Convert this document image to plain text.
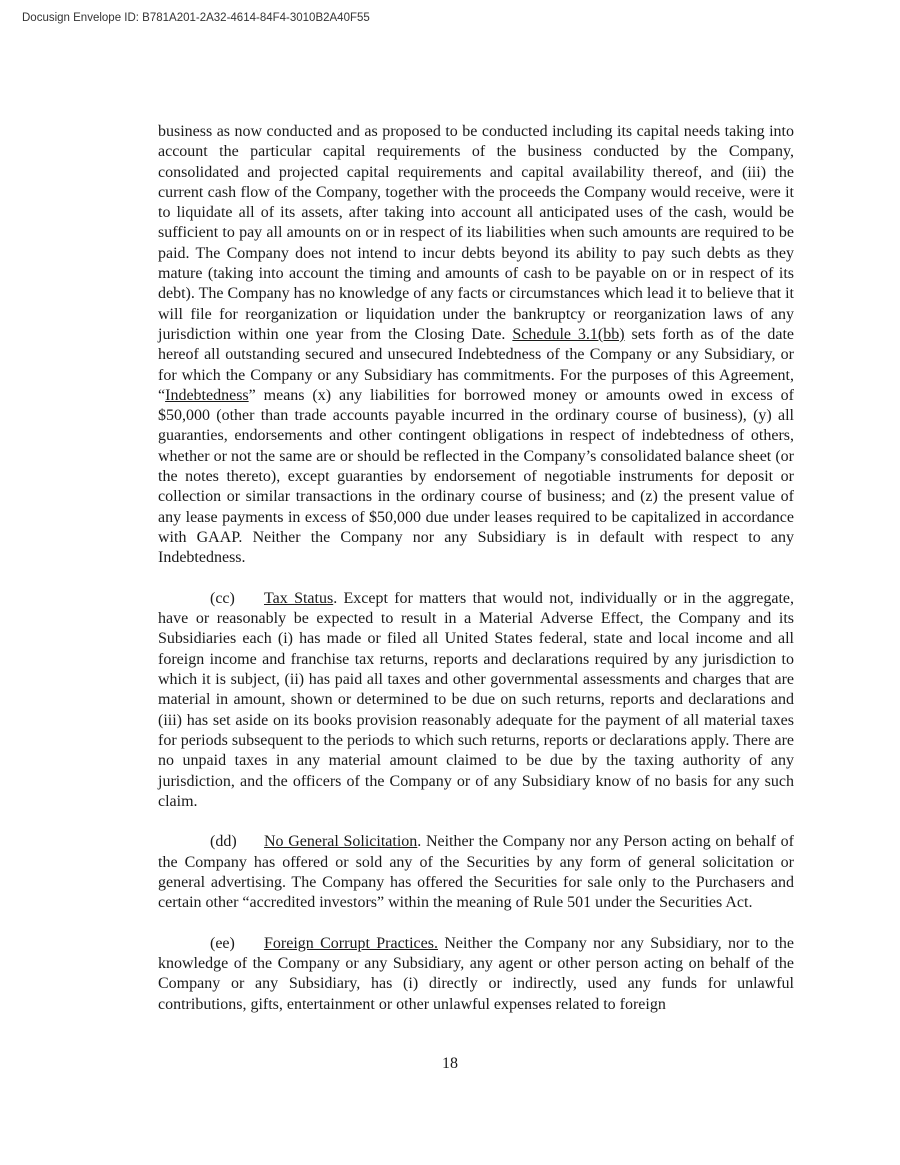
Docusign Envelope ID: B781A201-2A32-4614-84F4-3010B2A40F55

business as now conducted and as proposed to be conducted including its capital needs taking into account the particular capital requirements of the business conducted by the Company, consolidated and projected capital requirements and capital availability thereof, and (iii) the current cash flow of the Company, together with the proceeds the Company would receive, were it to liquidate all of its assets, after taking into account all anticipated uses of the cash, would be sufficient to pay all amounts on or in respect of its liabilities when such amounts are required to be paid. The Company does not intend to incur debts beyond its ability to pay such debts as they mature (taking into account the timing and amounts of cash to be payable on or in respect of its debt). The Company has no knowledge of any facts or circumstances which lead it to believe that it will file for reorganization or liquidation under the bankruptcy or reorganization laws of any jurisdiction within one year from the Closing Date. Schedule 3.1(bb) sets forth as of the date hereof all outstanding secured and unsecured Indebtedness of the Company or any Subsidiary, or for which the Company or any Subsidiary has commitments. For the purposes of this Agreement, “Indebtedness” means (x) any liabilities for borrowed money or amounts owed in excess of $50,000 (other than trade accounts payable incurred in the ordinary course of business), (y) all guaranties, endorsements and other contingent obligations in respect of indebtedness of others, whether or not the same are or should be reflected in the Company’s consolidated balance sheet (or the notes thereto), except guaranties by endorsement of negotiable instruments for deposit or collection or similar transactions in the ordinary course of business; and (z) the present value of any lease payments in excess of $50,000 due under leases required to be capitalized in accordance with GAAP. Neither the Company nor any Subsidiary is in default with respect to any Indebtedness.

(cc) Tax Status. Except for matters that would not, individually or in the aggregate, have or reasonably be expected to result in a Material Adverse Effect, the Company and its Subsidiaries each (i) has made or filed all United States federal, state and local income and all foreign income and franchise tax returns, reports and declarations required by any jurisdiction to which it is subject, (ii) has paid all taxes and other governmental assessments and charges that are material in amount, shown or determined to be due on such returns, reports and declarations and (iii) has set aside on its books provision reasonably adequate for the payment of all material taxes for periods subsequent to the periods to which such returns, reports or declarations apply. There are no unpaid taxes in any material amount claimed to be due by the taxing authority of any jurisdiction, and the officers of the Company or of any Subsidiary know of no basis for any such claim.

(dd) No General Solicitation. Neither the Company nor any Person acting on behalf of the Company has offered or sold any of the Securities by any form of general solicitation or general advertising. The Company has offered the Securities for sale only to the Purchasers and certain other “accredited investors” within the meaning of Rule 501 under the Securities Act.

(ee) Foreign Corrupt Practices. Neither the Company nor any Subsidiary, nor to the knowledge of the Company or any Subsidiary, any agent or other person acting on behalf of the Company or any Subsidiary, has (i) directly or indirectly, used any funds for unlawful contributions, gifts, entertainment or other unlawful expenses related to foreign

18
